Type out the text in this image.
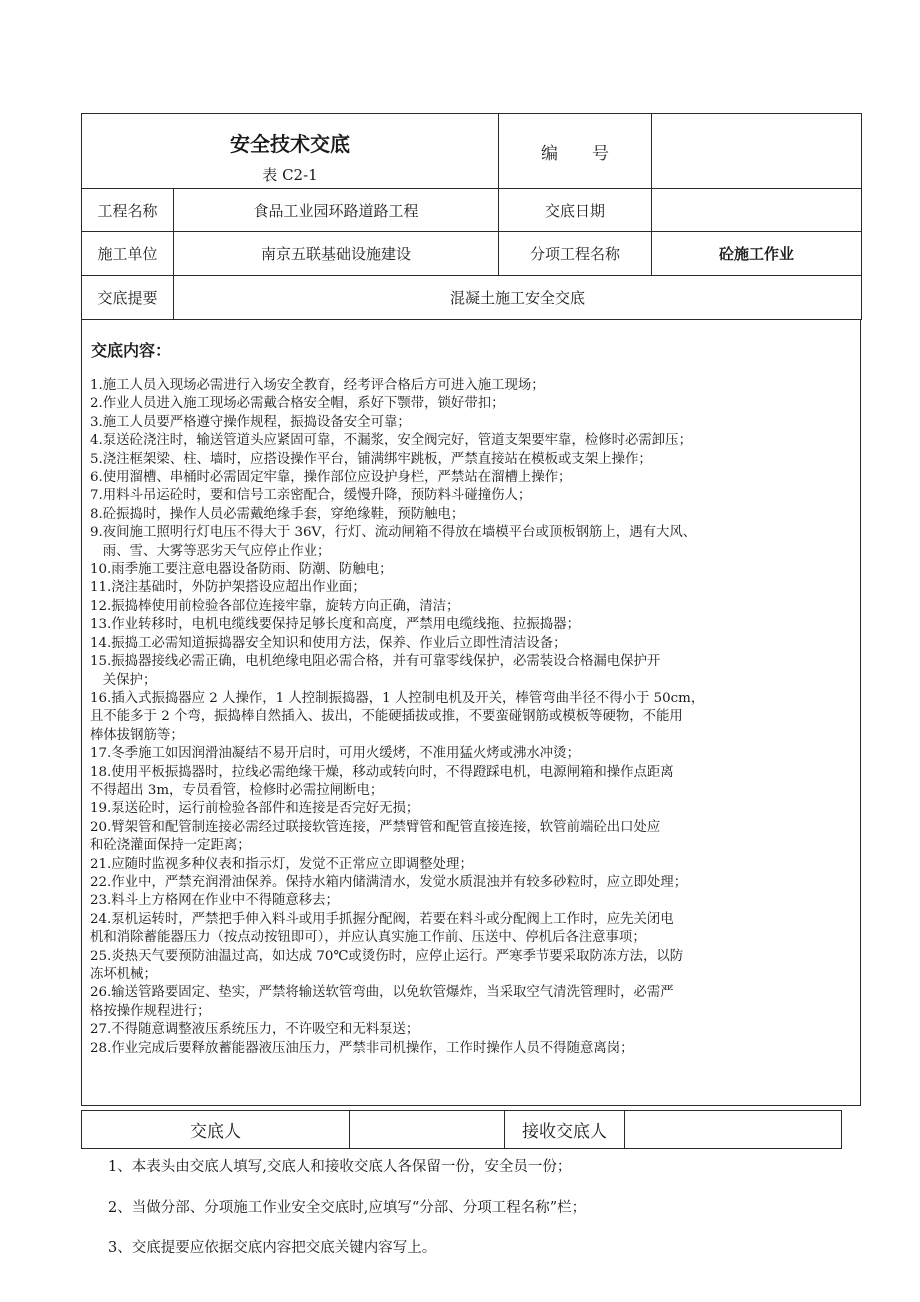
安全技术交底
表 C2-1		编　　号	
工程名称	食品工业园环路道路工程	交底日期	
施工单位	南京五联基础设施建设	分项工程名称	砼施工作业
交底提要	混凝土施工安全交底		
交底内容：
1.施工人员入现场必需进行入场安全教育，经考评合格后方可进入施工现场；
2.作业人员进入施工现场必需戴合格安全帽，系好下颚带，锁好带扣；
3.施工人员要严格遵守操作规程，振捣设备安全可靠；
4.泵送砼浇注时，输送管道头应紧固可靠，不漏浆，安全阀完好，管道支架要牢靠，检修时必需卸压；
5.浇注框架梁、柱、墙时，应搭设操作平台，铺满绑牢跳板，严禁直接站在模板或支架上操作；
6.使用溜槽、串桶时必需固定牢靠，操作部位应设护身栏，严禁站在溜槽上操作；
7.用料斗吊运砼时，要和信号工亲密配合，缓慢升降，预防料斗碰撞伤人；
8.砼振捣时，操作人员必需戴绝缘手套，穿绝缘鞋，预防触电；
9.夜间施工照明行灯电压不得大于 36V，行灯、流动闸箱不得放在墙模平台或顶板钢筋上，遇有大风、
雨、雪、大雾等恶劣天气应停止作业；
10.雨季施工要注意电器设备防雨、防潮、防触电；
11.浇注基础时，外防护架搭设应超出作业面；
12.振捣棒使用前检验各部位连接牢靠，旋转方向正确，清洁；
13.作业转移时，电机电缆线要保持足够长度和高度，严禁用电缆线拖、拉振捣器；
14.振捣工必需知道振捣器安全知识和使用方法，保养、作业后立即性清洁设备；
15.振捣器接线必需正确，电机绝缘电阻必需合格，并有可靠零线保护，必需装设合格漏电保护开
关保护；
16.插入式振捣器应 2 人操作，1 人控制振捣器，1 人控制电机及开关，棒管弯曲半径不得小于 50cm，
且不能多于 2 个弯，振捣棒自然插入、拔出，不能硬插拔或推，不要蛮碰钢筋或模板等硬物，不能用
棒体拔钢筋等；
17.冬季施工如因润滑油凝结不易开启时，可用火缓烤，不准用猛火烤或沸水冲烫；
18.使用平板振捣器时，拉线必需绝缘干燥，移动或转向时，不得蹬踩电机，电源闸箱和操作点距离
不得超出 3m，专员看管，检修时必需拉闸断电；
19.泵送砼时，运行前检验各部件和连接是否完好无损；
20.臂架管和配管制连接必需经过联接软管连接，严禁臂管和配管直接连接，软管前端砼出口处应
和砼浇灌面保持一定距离；
21.应随时监视多种仪表和指示灯，发觉不正常应立即调整处理；
22.作业中，严禁充润滑油保养。保持水箱内储满清水，发觉水质混浊并有较多砂粒时，应立即处理；
23.料斗上方格网在作业中不得随意移去；
24.泵机运转时，严禁把手伸入料斗或用手抓握分配阀，若要在料斗或分配阀上工作时，应先关闭电
机和消除蓄能器压力（按点动按钮即可），并应认真实施工作前、压送中、停机后各注意事项；
25.炎热天气要预防油温过高，如达成 70℃或烫伤时，应停止运行。严寒季节要采取防冻方法，以防
冻坏机械；
26.输送管路要固定、垫实，严禁将输送软管弯曲，以免软管爆炸，当采取空气清洗管理时，必需严
格按操作规程进行；
27.不得随意调整液压系统压力，不许吸空和无料泵送；
28.作业完成后要释放蓄能器液压油压力，严禁非司机操作，工作时操作人员不得随意离岗；
交底人		接收交底人	
1、本表头由交底人填写,交底人和接收交底人各保留一份，安全员一份；
2、当做分部、分项施工作业安全交底时,应填写“分部、分项工程名称”栏；
3、交底提要应依据交底内容把交底关键内容写上。
